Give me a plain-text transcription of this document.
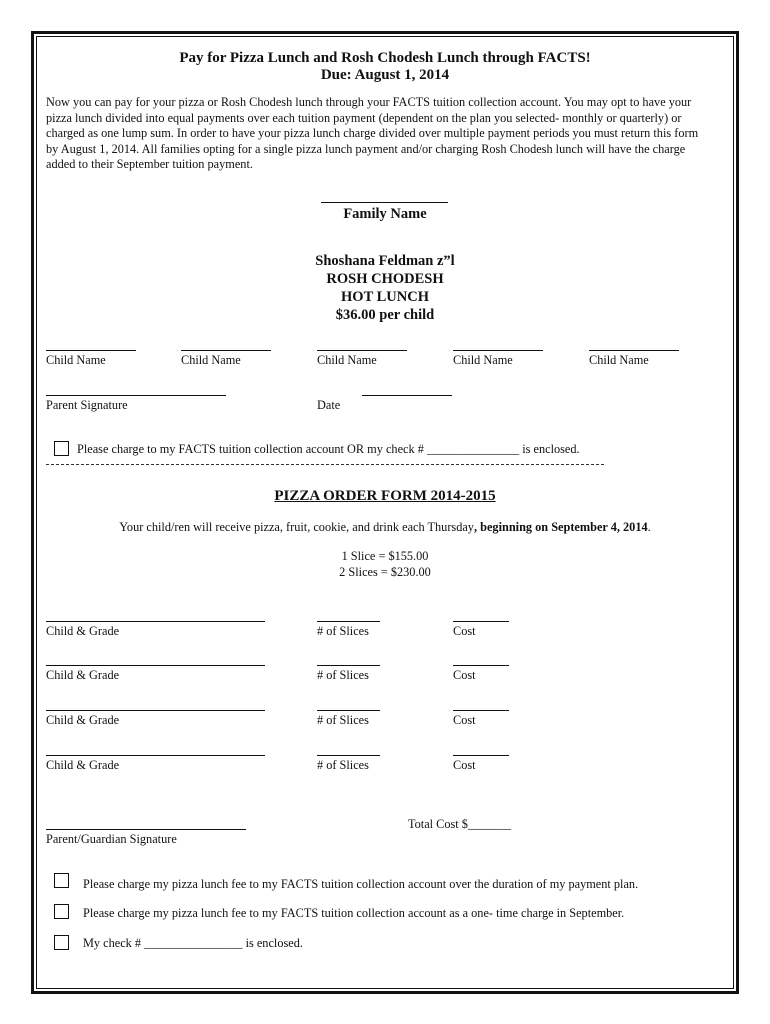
Pay for Pizza Lunch and Rosh Chodesh Lunch through FACTS!
Due: August 1, 2014
Now you can pay for your pizza or Rosh Chodesh lunch through your FACTS tuition collection account. You may opt to have your
pizza lunch divided into equal payments over each tuition payment (dependent on the plan you selected- monthly or quarterly) or
charged as one lump sum. In order to have your pizza lunch charge divided over multiple payment periods you must return this form
by August 1, 2014. All families opting for a single pizza lunch payment and/or charging Rosh Chodesh lunch will have the charge
added to their September tuition payment.
Family Name
Shoshana Feldman z”l
ROSH CHODESH
HOT LUNCH
$36.00 per child
Child Name	Child Name	Child Name	Child Name	Child Name
Parent Signature	Date
Please charge to my FACTS tuition collection account OR my check # _______________ is enclosed.
PIZZA ORDER FORM 2014-2015
Your child/ren will receive pizza, fruit, cookie, and drink each Thursday, beginning on September 4, 2014.
1 Slice = $155.00
2 Slices = $230.00
Child & Grade	# of Slices	Cost
Child & Grade	# of Slices	Cost
Child & Grade	# of Slices	Cost
Child & Grade	# of Slices	Cost
Parent/Guardian Signature
Total Cost $_______
Please charge my pizza lunch fee to my FACTS tuition collection account over the duration of my payment plan.
Please charge my pizza lunch fee to my FACTS tuition collection account as a one- time charge in September.
My check # ________________ is enclosed.
